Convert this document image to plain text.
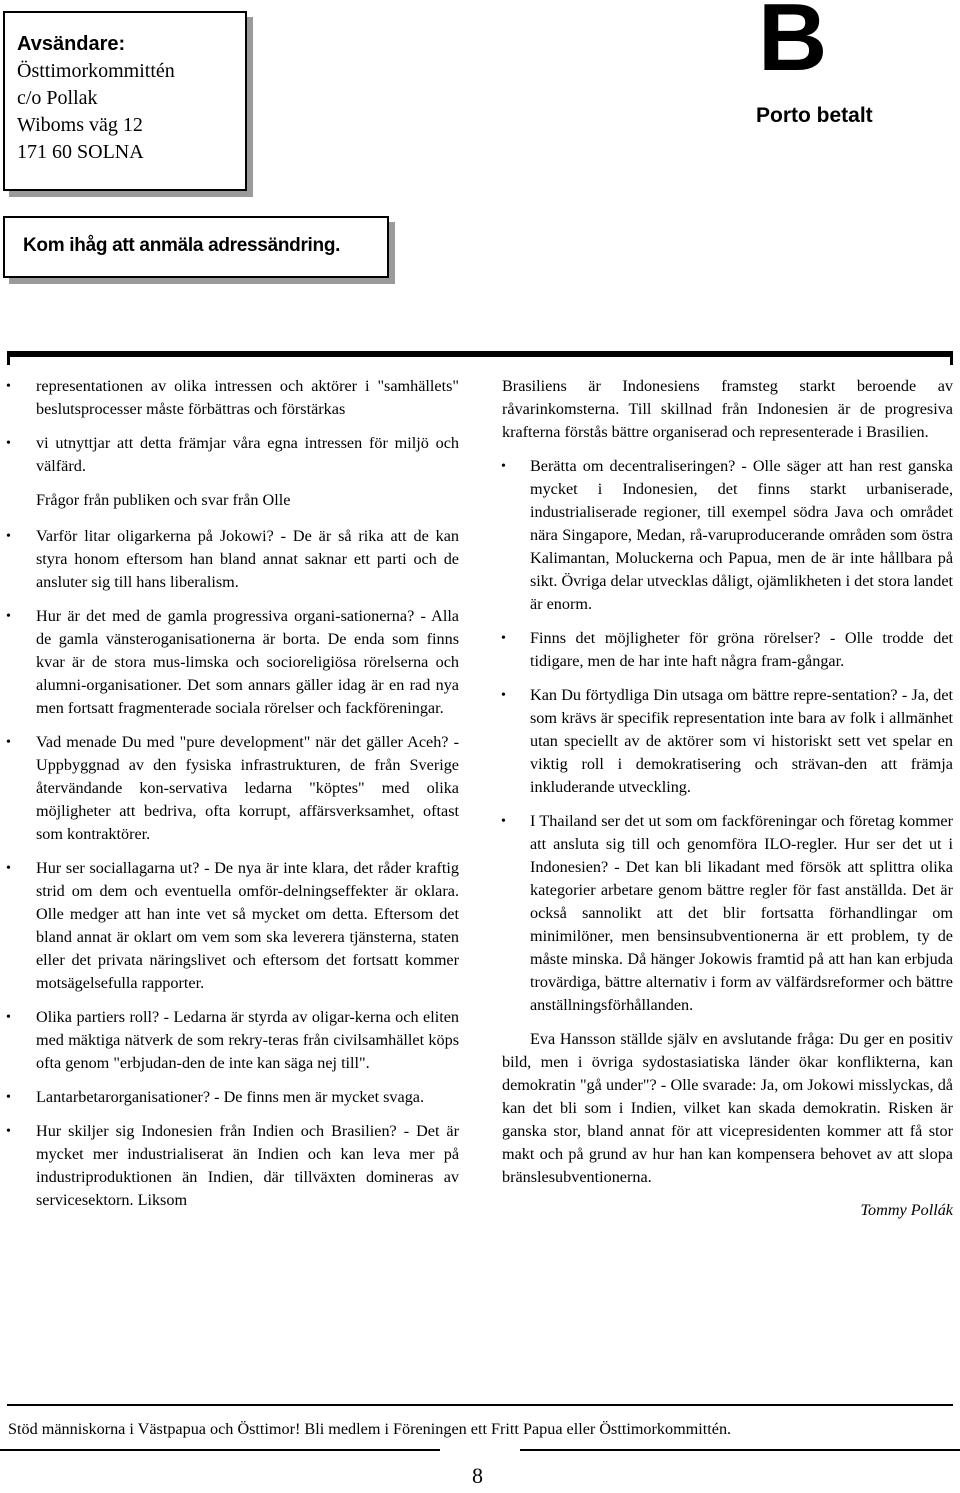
Avsändare:
Östtimorkommittén
c/o Pollak
Wiboms väg 12
171 60 SOLNA
Kom ihåg att anmäla adressändring.
B
Porto betalt

• representationen av olika intressen och aktörer i "samhällets" beslutsprocesser måste förbättras och förstärkas

• vi utnyttjar att detta främjar våra egna intressen för miljö och välfärd.

Frågor från publiken och svar från Olle

• Varför litar oligarkerna på Jokowi? - De är så rika att de kan styra honom eftersom han bland annat saknar ett parti och de ansluter sig till hans liberalism.

• Hur är det med de gamla progressiva organi-sationerna? - Alla de gamla vänsteroganisationerna är borta. De enda som finns kvar är de stora mus-limska och socioreligiösa rörelserna och alumni-organisationer. Det som annars gäller idag är en rad nya men fortsatt fragmenterade sociala rörelser och fackföreningar.

• Vad menade Du med "pure development" när det gäller Aceh? - Uppbyggnad av den fysiska infrastrukturen, de från Sverige återvändande kon-servativa ledarna "köptes" med olika möjligheter att bedriva, ofta korrupt, affärsverksamhet, oftast som kontraktörer.

• Hur ser sociallagarna ut? - De nya är inte klara, det råder kraftig strid om dem och eventuella omför-delningseffekter är oklara. Olle medger att han inte vet så mycket om detta. Eftersom det bland annat är oklart om vem som ska leverera tjänsterna, staten eller det privata näringslivet och eftersom det fortsatt kommer motsägelsefulla rapporter.

• Olika partiers roll? - Ledarna är styrda av oligar-kerna och eliten med mäktiga nätverk de som rekry-teras från civilsamhället köps ofta genom "erbjudan-den de inte kan säga nej till".

• Lantarbetarorganisationer? - De finns men är mycket svaga.

• Hur skiljer sig Indonesien från Indien och Brasilien? - Det är mycket mer industrialiserat än Indien och kan leva mer på industriproduktionen än Indien, där tillväxten domineras av servicesektorn. Liksom

Brasiliens är Indonesiens framsteg starkt beroende av råvarinkomsterna. Till skillnad från Indonesien är de progresiva krafterna förstås bättre organiserad och representerade i Brasilien.

• Berätta om decentraliseringen? - Olle säger att han rest ganska mycket i Indonesien, det finns starkt urbaniserade, industrialiserade regioner, till exempel södra Java och området nära Singapore, Medan, rå-varuproducerande områden som östra Kalimantan, Moluckerna och Papua, men de är inte hållbara på sikt. Övriga delar utvecklas dåligt, ojämlikheten i det stora landet är enorm.

• Finns det möjligheter för gröna rörelser? - Olle trodde det tidigare, men de har inte haft några fram-gångar.

• Kan Du förtydliga Din utsaga om bättre repre-sentation? - Ja, det som krävs är specifik representation inte bara av folk i allmänhet utan speciellt av de aktörer som vi historiskt sett vet spelar en viktig roll i demokratisering och strävan-den att främja inkluderande utveckling.

• I Thailand ser det ut som om fackföreningar och företag kommer att ansluta sig till och genomföra ILO-regler. Hur ser det ut i Indonesien? - Det kan bli likadant med försök att splittra olika kategorier arbetare genom bättre regler för fast anställda. Det är också sannolikt att det blir fortsatta förhandlingar om minimilöner, men bensinsubventionerna är ett problem, ty de måste minska. Då hänger Jokowis framtid på att han kan erbjuda trovärdiga, bättre alternativ i form av välfärdsreformer och bättre anställningsförhållanden.

Eva Hansson ställde själv en avslutande fråga: Du ger en positiv bild, men i övriga sydostasiatiska länder ökar konflikterna, kan demokratin "gå under"? - Olle svarade: Ja, om Jokowi misslyckas, då kan det bli som i Indien, vilket kan skada demokratin. Risken är ganska stor, bland annat för att vicepresidenten kommer att få stor makt och på grund av hur han kan kompensera behovet av att slopa bränslesubventionerna.

Tommy Pollák

Stöd människorna i Västpapua och Östtimor! Bli medlem i Föreningen ett Fritt Papua eller Östtimorkommittén.
8
